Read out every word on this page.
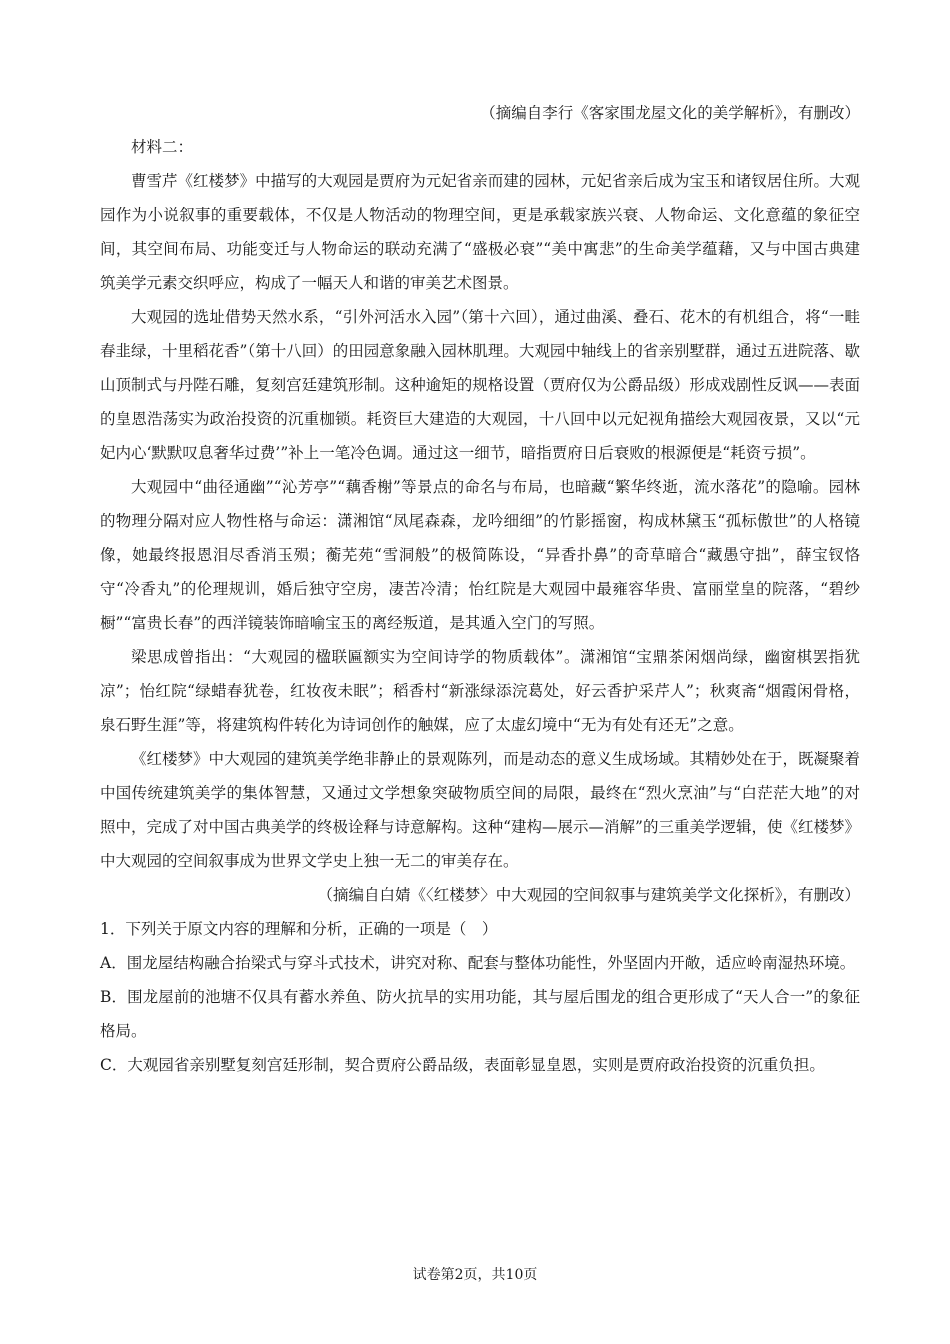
（摘编自李行《客家围龙屋文化的美学解析》，有删改）

材料二：

曹雪芹《红楼梦》中描写的大观园是贾府为元妃省亲而建的园林，元妃省亲后成为宝玉和诸钗居住所。大观园作为小说叙事的重要载体，不仅是人物活动的物理空间，更是承载家族兴衰、人物命运、文化意蕴的象征空间，其空间布局、功能变迁与人物命运的联动充满了“盛极必衰”“美中寓悲”的生命美学蕴藉，又与中国古典建筑美学元素交织呼应，构成了一幅天人和谐的审美艺术图景。

大观园的选址借势天然水系，“引外河活水入园”（第十六回），通过曲溪、叠石、花木的有机组合，将“一畦春韭绿，十里稻花香”（第十八回）的田园意象融入园林肌理。大观园中轴线上的省亲别墅群，通过五进院落、歇山顶制式与丹陛石雕，复刻宫廷建筑形制。这种逾矩的规格设置（贾府仅为公爵品级）形成戏剧性反讽——表面的皇恩浩荡实为政治投资的沉重枷锁。耗资巨大建造的大观园，十八回中以元妃视角描绘大观园夜景，又以“元妃内心‘默默叹息奢华过费’”补上一笔冷色调。通过这一细节，暗指贾府日后衰败的根源便是“耗资亏损”。

大观园中“曲径通幽”“沁芳亭”“藕香榭”等景点的命名与布局，也暗藏“繁华终逝，流水落花”的隐喻。园林的物理分隔对应人物性格与命运：潇湘馆“凤尾森森，龙吟细细”的竹影摇窗，构成林黛玉“孤标傲世”的人格镜像，她最终报恩泪尽香消玉殒；蘅芜苑“雪洞般”的极简陈设，“异香扑鼻”的奇草暗合“藏愚守拙”，薛宝钗恪守“冷香丸”的伦理规训，婚后独守空房，凄苦冷清；怡红院是大观园中最雍容华贵、富丽堂皇的院落，“碧纱橱”“富贵长春”的西洋镜装饰暗喻宝玉的离经叛道，是其遁入空门的写照。

梁思成曾指出：“大观园的楹联匾额实为空间诗学的物质载体”。潇湘馆“宝鼎茶闲烟尚绿，幽窗棋罢指犹凉”；怡红院“绿蜡春犹卷，红妆夜未眠”；稻香村“新涨绿添浣葛处，好云香护采芹人”；秋爽斋“烟霞闲骨格，泉石野生涯”等，将建筑构件转化为诗词创作的触媒，应了太虚幻境中“无为有处有还无”之意。

《红楼梦》中大观园的建筑美学绝非静止的景观陈列，而是动态的意义生成场域。其精妙处在于，既凝聚着中国传统建筑美学的集体智慧，又通过文学想象突破物质空间的局限，最终在“烈火烹油”与“白茫茫大地”的对照中，完成了对中国古典美学的终极诠释与诗意解构。这种“建构—展示—消解”的三重美学逻辑，使《红楼梦》中大观园的空间叙事成为世界文学史上独一无二的审美存在。

（摘编自白婧《〈红楼梦〉中大观园的空间叙事与建筑美学文化探析》，有删改）

1．下列关于原文内容的理解和分析，正确的一项是（　）

A．围龙屋结构融合抬梁式与穿斗式技术，讲究对称、配套与整体功能性，外坚固内开敞，适应岭南湿热环境。

B．围龙屋前的池塘不仅具有蓄水养鱼、防火抗旱的实用功能，其与屋后围龙的组合更形成了“天人合一”的象征格局。

C．大观园省亲别墅复刻宫廷形制，契合贾府公爵品级，表面彰显皇恩，实则是贾府政治投资的沉重负担。

试卷第2页，共10页
